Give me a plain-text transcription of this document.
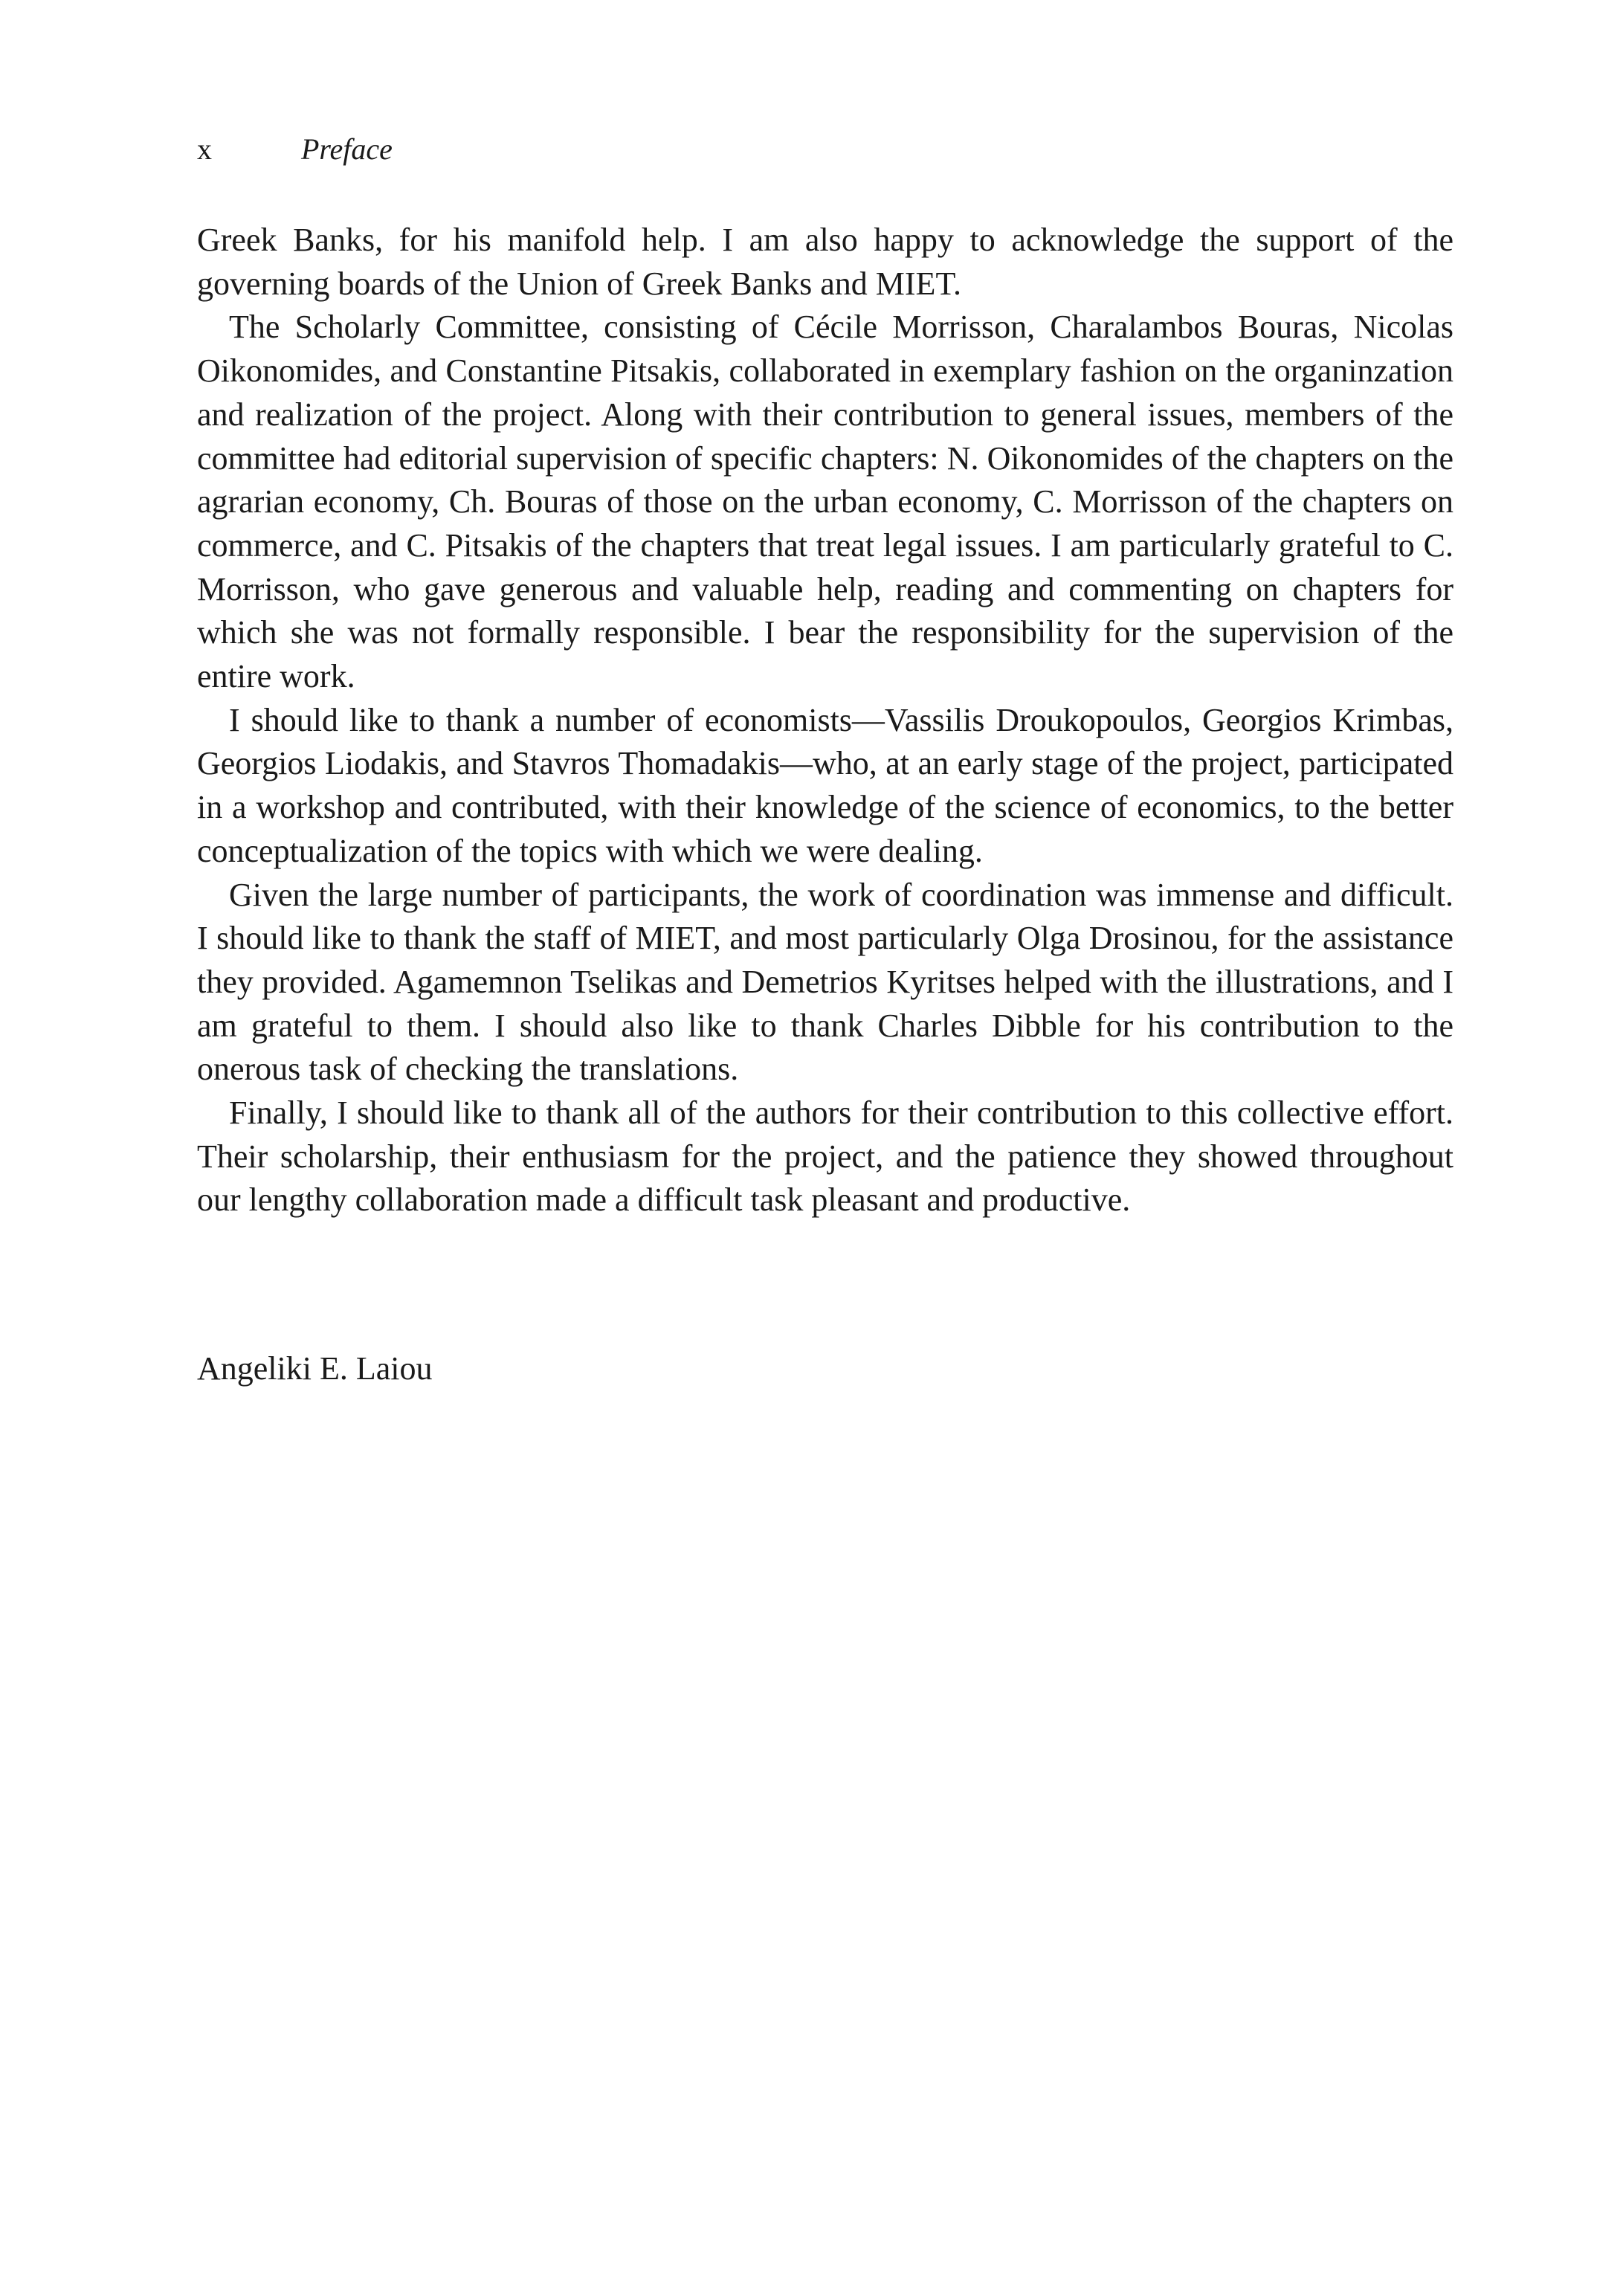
x	Preface

Greek Banks, for his manifold help. I am also happy to acknowledge the support of the governing boards of the Union of Greek Banks and MIET.

The Scholarly Committee, consisting of Cécile Morrisson, Charalambos Bouras, Nicolas Oikonomides, and Constantine Pitsakis, collaborated in exemplary fashion on the organinzation and realization of the project. Along with their contribution to general issues, members of the committee had editorial supervision of specific chapters: N. Oikonomides of the chapters on the agrarian economy, Ch. Bouras of those on the urban economy, C. Morrisson of the chapters on commerce, and C. Pitsakis of the chapters that treat legal issues. I am particularly grateful to C. Morrisson, who gave generous and valuable help, reading and commenting on chapters for which she was not formally responsible. I bear the responsibility for the supervision of the entire work.

I should like to thank a number of economists—Vassilis Droukopoulos, Georgios Krimbas, Georgios Liodakis, and Stavros Thomadakis—who, at an early stage of the project, participated in a workshop and contributed, with their knowledge of the science of economics, to the better conceptualization of the topics with which we were dealing.

Given the large number of participants, the work of coordination was immense and difficult. I should like to thank the staff of MIET, and most particularly Olga Drosinou, for the assistance they provided. Agamemnon Tselikas and Demetrios Kyritses helped with the illustrations, and I am grateful to them. I should also like to thank Charles Dibble for his contribution to the onerous task of checking the translations.

Finally, I should like to thank all of the authors for their contribution to this collective effort. Their scholarship, their enthusiasm for the project, and the patience they showed throughout our lengthy collaboration made a difficult task pleasant and productive.

Angeliki E. Laiou
